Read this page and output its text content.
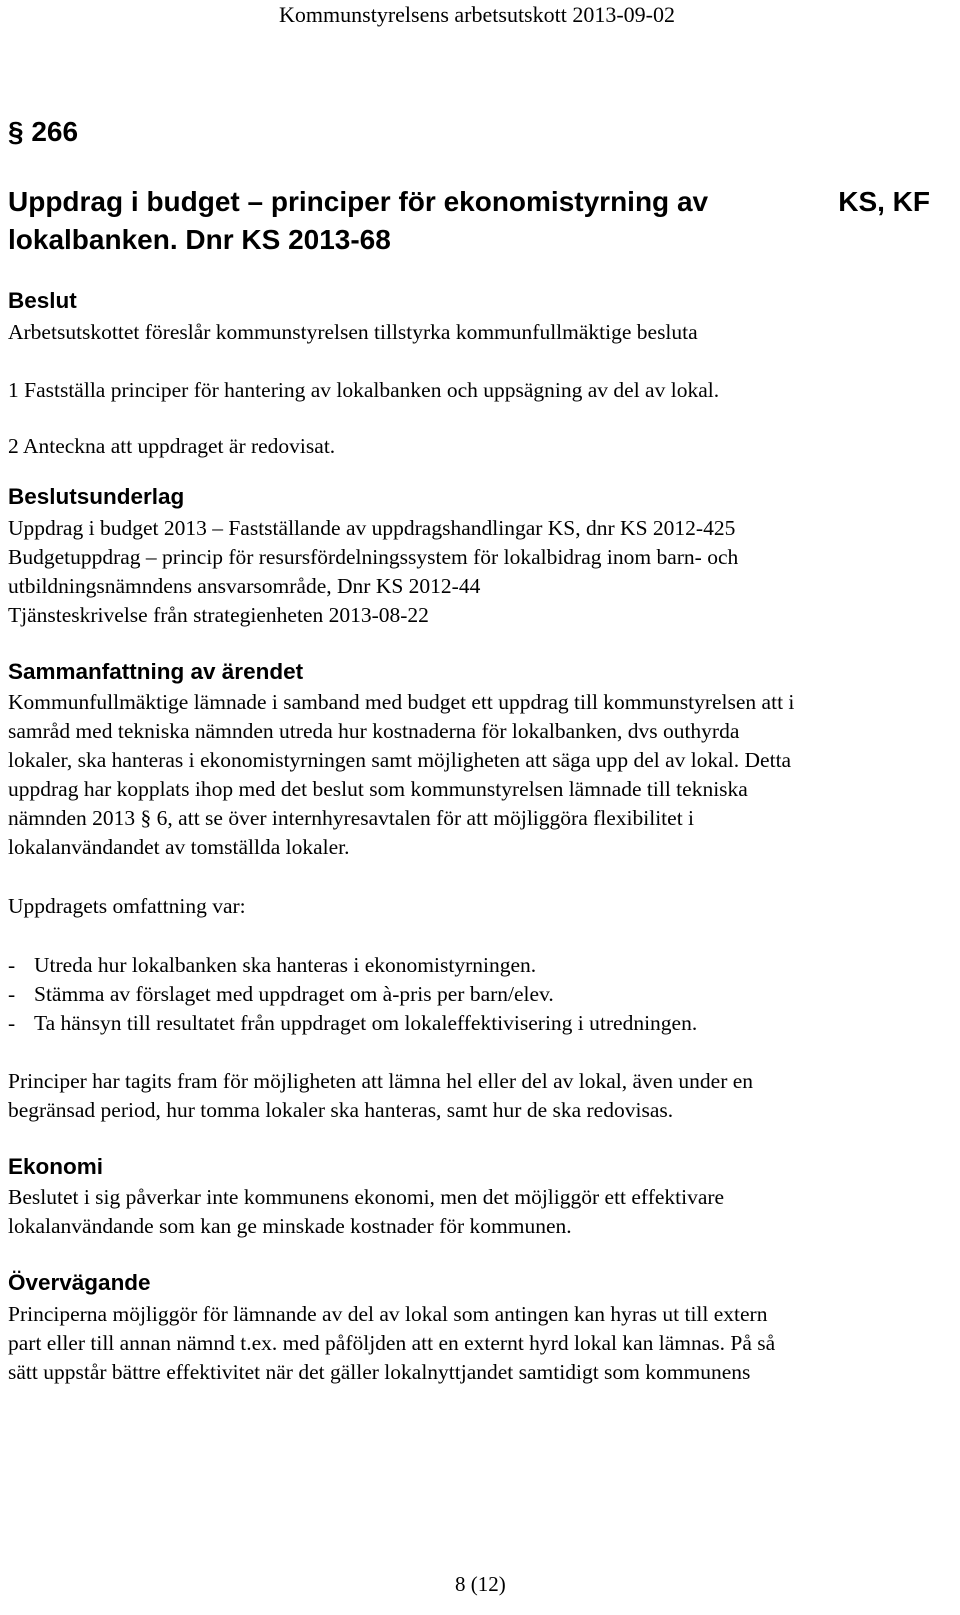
Kommunstyrelsens arbetsutskott 2013-09-02
§ 266
Uppdrag i budget – principer för ekonomistyrning av
lokalbanken. Dnr KS 2013-68
KS, KF
Beslut
Arbetsutskottet föreslår kommunstyrelsen tillstyrka kommunfullmäktige besluta
1 Fastställa principer för hantering av lokalbanken och uppsägning av del av lokal.
2 Anteckna att uppdraget är redovisat.
Beslutsunderlag
Uppdrag i budget 2013 – Fastställande av uppdragshandlingar KS, dnr KS 2012-425
Budgetuppdrag – princip för resursfördelningssystem för lokalbidrag inom barn- och
utbildningsnämndens ansvarsområde, Dnr KS 2012-44
Tjänsteskrivelse från strategienheten 2013-08-22
Sammanfattning av ärendet
Kommunfullmäktige lämnade i samband med budget ett uppdrag till kommunstyrelsen att i
samråd med tekniska nämnden utreda hur kostnaderna för lokalbanken, dvs outhyrda
lokaler, ska hanteras i ekonomistyrningen samt möjligheten att säga upp del av lokal. Detta
uppdrag har kopplats ihop med det beslut som kommunstyrelsen lämnade till tekniska
nämnden 2013 § 6, att se över internhyresavtalen för att möjliggöra flexibilitet i
lokalanvändandet av tomställda lokaler.
Uppdragets omfattning var:
- Utreda hur lokalbanken ska hanteras i ekonomistyrningen.
- Stämma av förslaget med uppdraget om à-pris per barn/elev.
- Ta hänsyn till resultatet från uppdraget om lokaleffektivisering i utredningen.
Principer har tagits fram för möjligheten att lämna hel eller del av lokal, även under en
begränsad period, hur tomma lokaler ska hanteras, samt hur de ska redovisas.
Ekonomi
Beslutet i sig påverkar inte kommunens ekonomi, men det möjliggör ett effektivare
lokalanvändande som kan ge minskade kostnader för kommunen.
Övervägande
Principerna möjliggör för lämnande av del av lokal som antingen kan hyras ut till extern
part eller till annan nämnd t.ex. med påföljden att en externt hyrd lokal kan lämnas. På så
sätt uppstår bättre effektivitet när det gäller lokalnyttjandet samtidigt som kommunens
8 (12)
